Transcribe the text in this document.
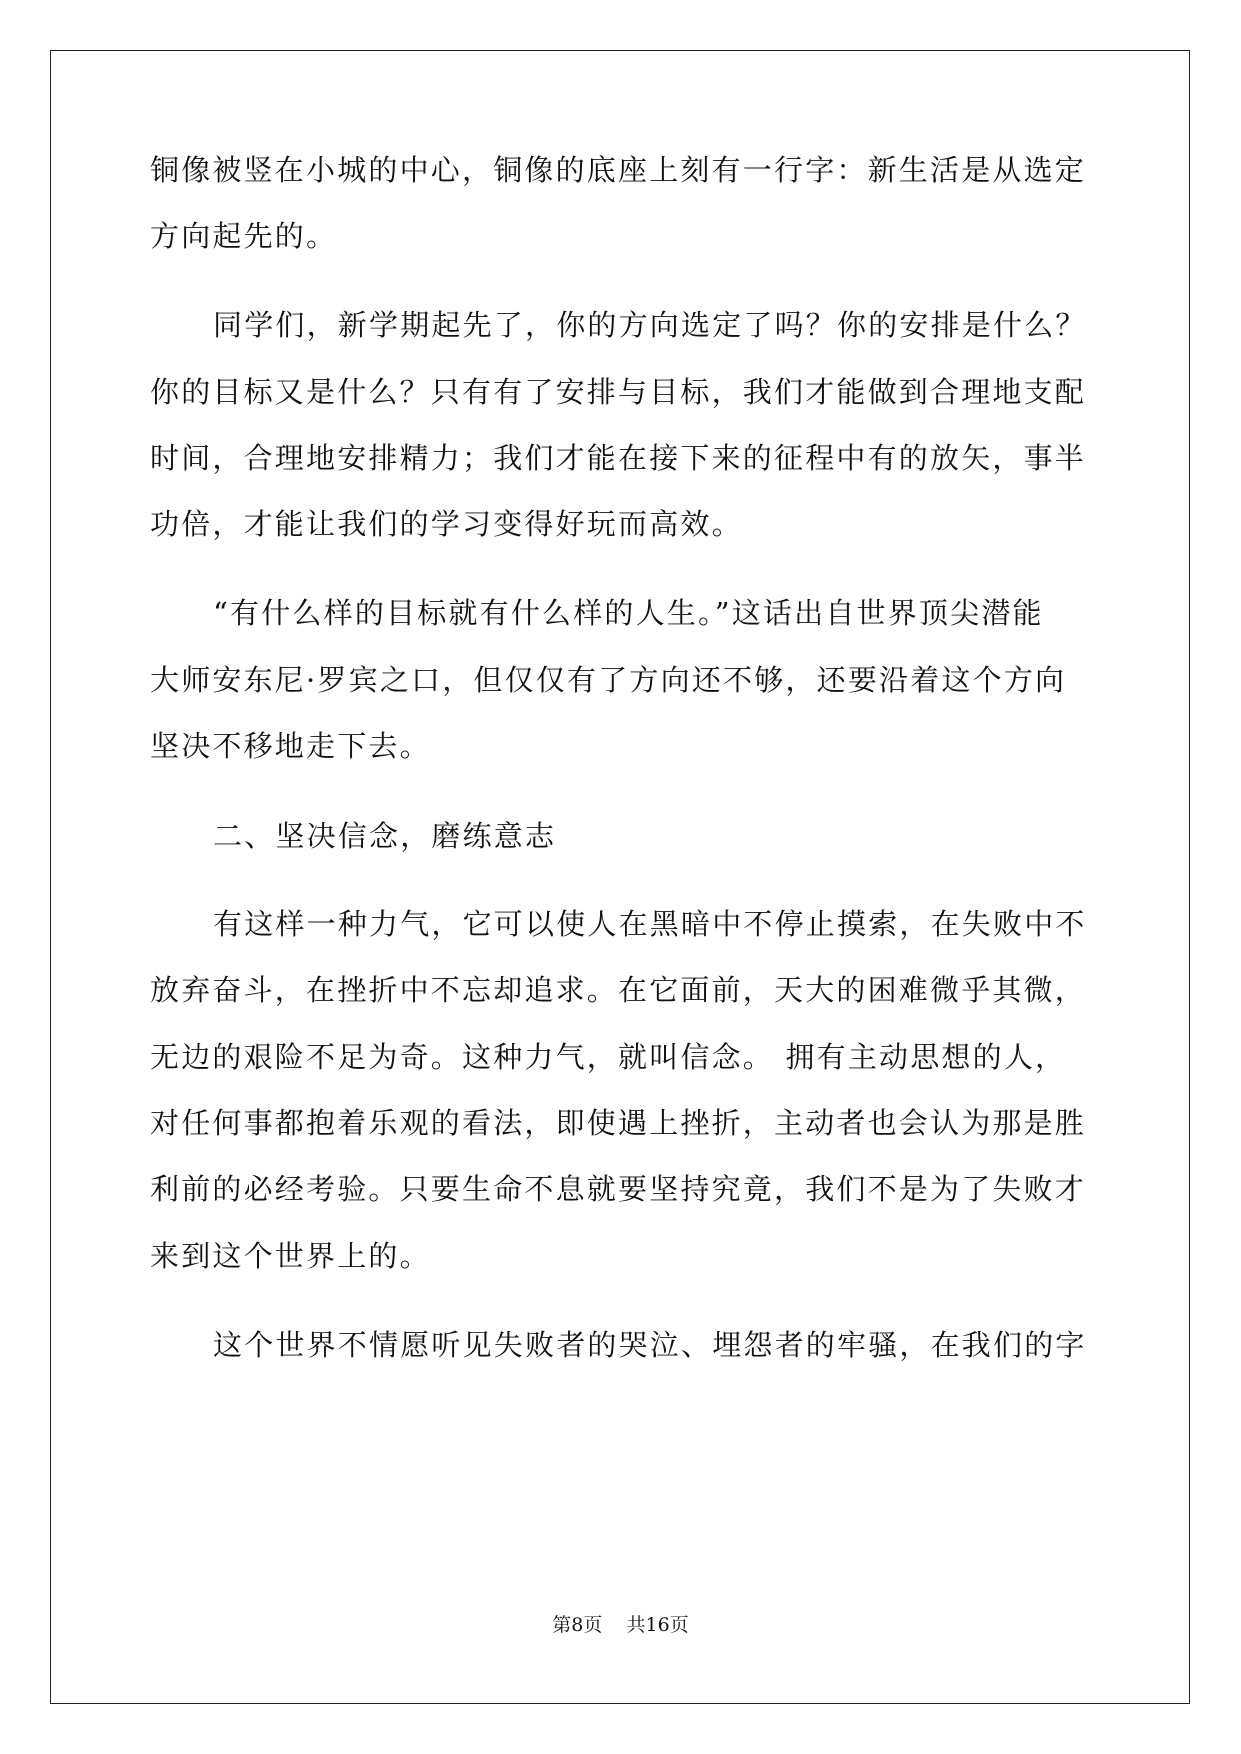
铜像被竖在小城的中心，铜像的底座上刻有一行字：新生活是从选定
方向起先的。
同学们，新学期起先了，你的方向选定了吗？你的安排是什么？
你的目标又是什么？只有有了安排与目标，我们才能做到合理地支配
时间，合理地安排精力；我们才能在接下来的征程中有的放矢，事半
功倍，才能让我们的学习变得好玩而高效。
“有什么样的目标就有什么样的人生。”这话出自世界顶尖潜能
大师安东尼·罗宾之口，但仅仅有了方向还不够，还要沿着这个方向
坚决不移地走下去。
二、坚决信念，磨练意志
有这样一种力气，它可以使人在黑暗中不停止摸索，在失败中不
放弃奋斗，在挫折中不忘却追求。在它面前，天大的困难微乎其微，
无边的艰险不足为奇。这种力气，就叫信念。 拥有主动思想的人，
对任何事都抱着乐观的看法，即使遇上挫折，主动者也会认为那是胜
利前的必经考验。只要生命不息就要坚持究竟，我们不是为了失败才
来到这个世界上的。
这个世界不情愿听见失败者的哭泣、埋怨者的牢骚，在我们的字
第8页 共16页
